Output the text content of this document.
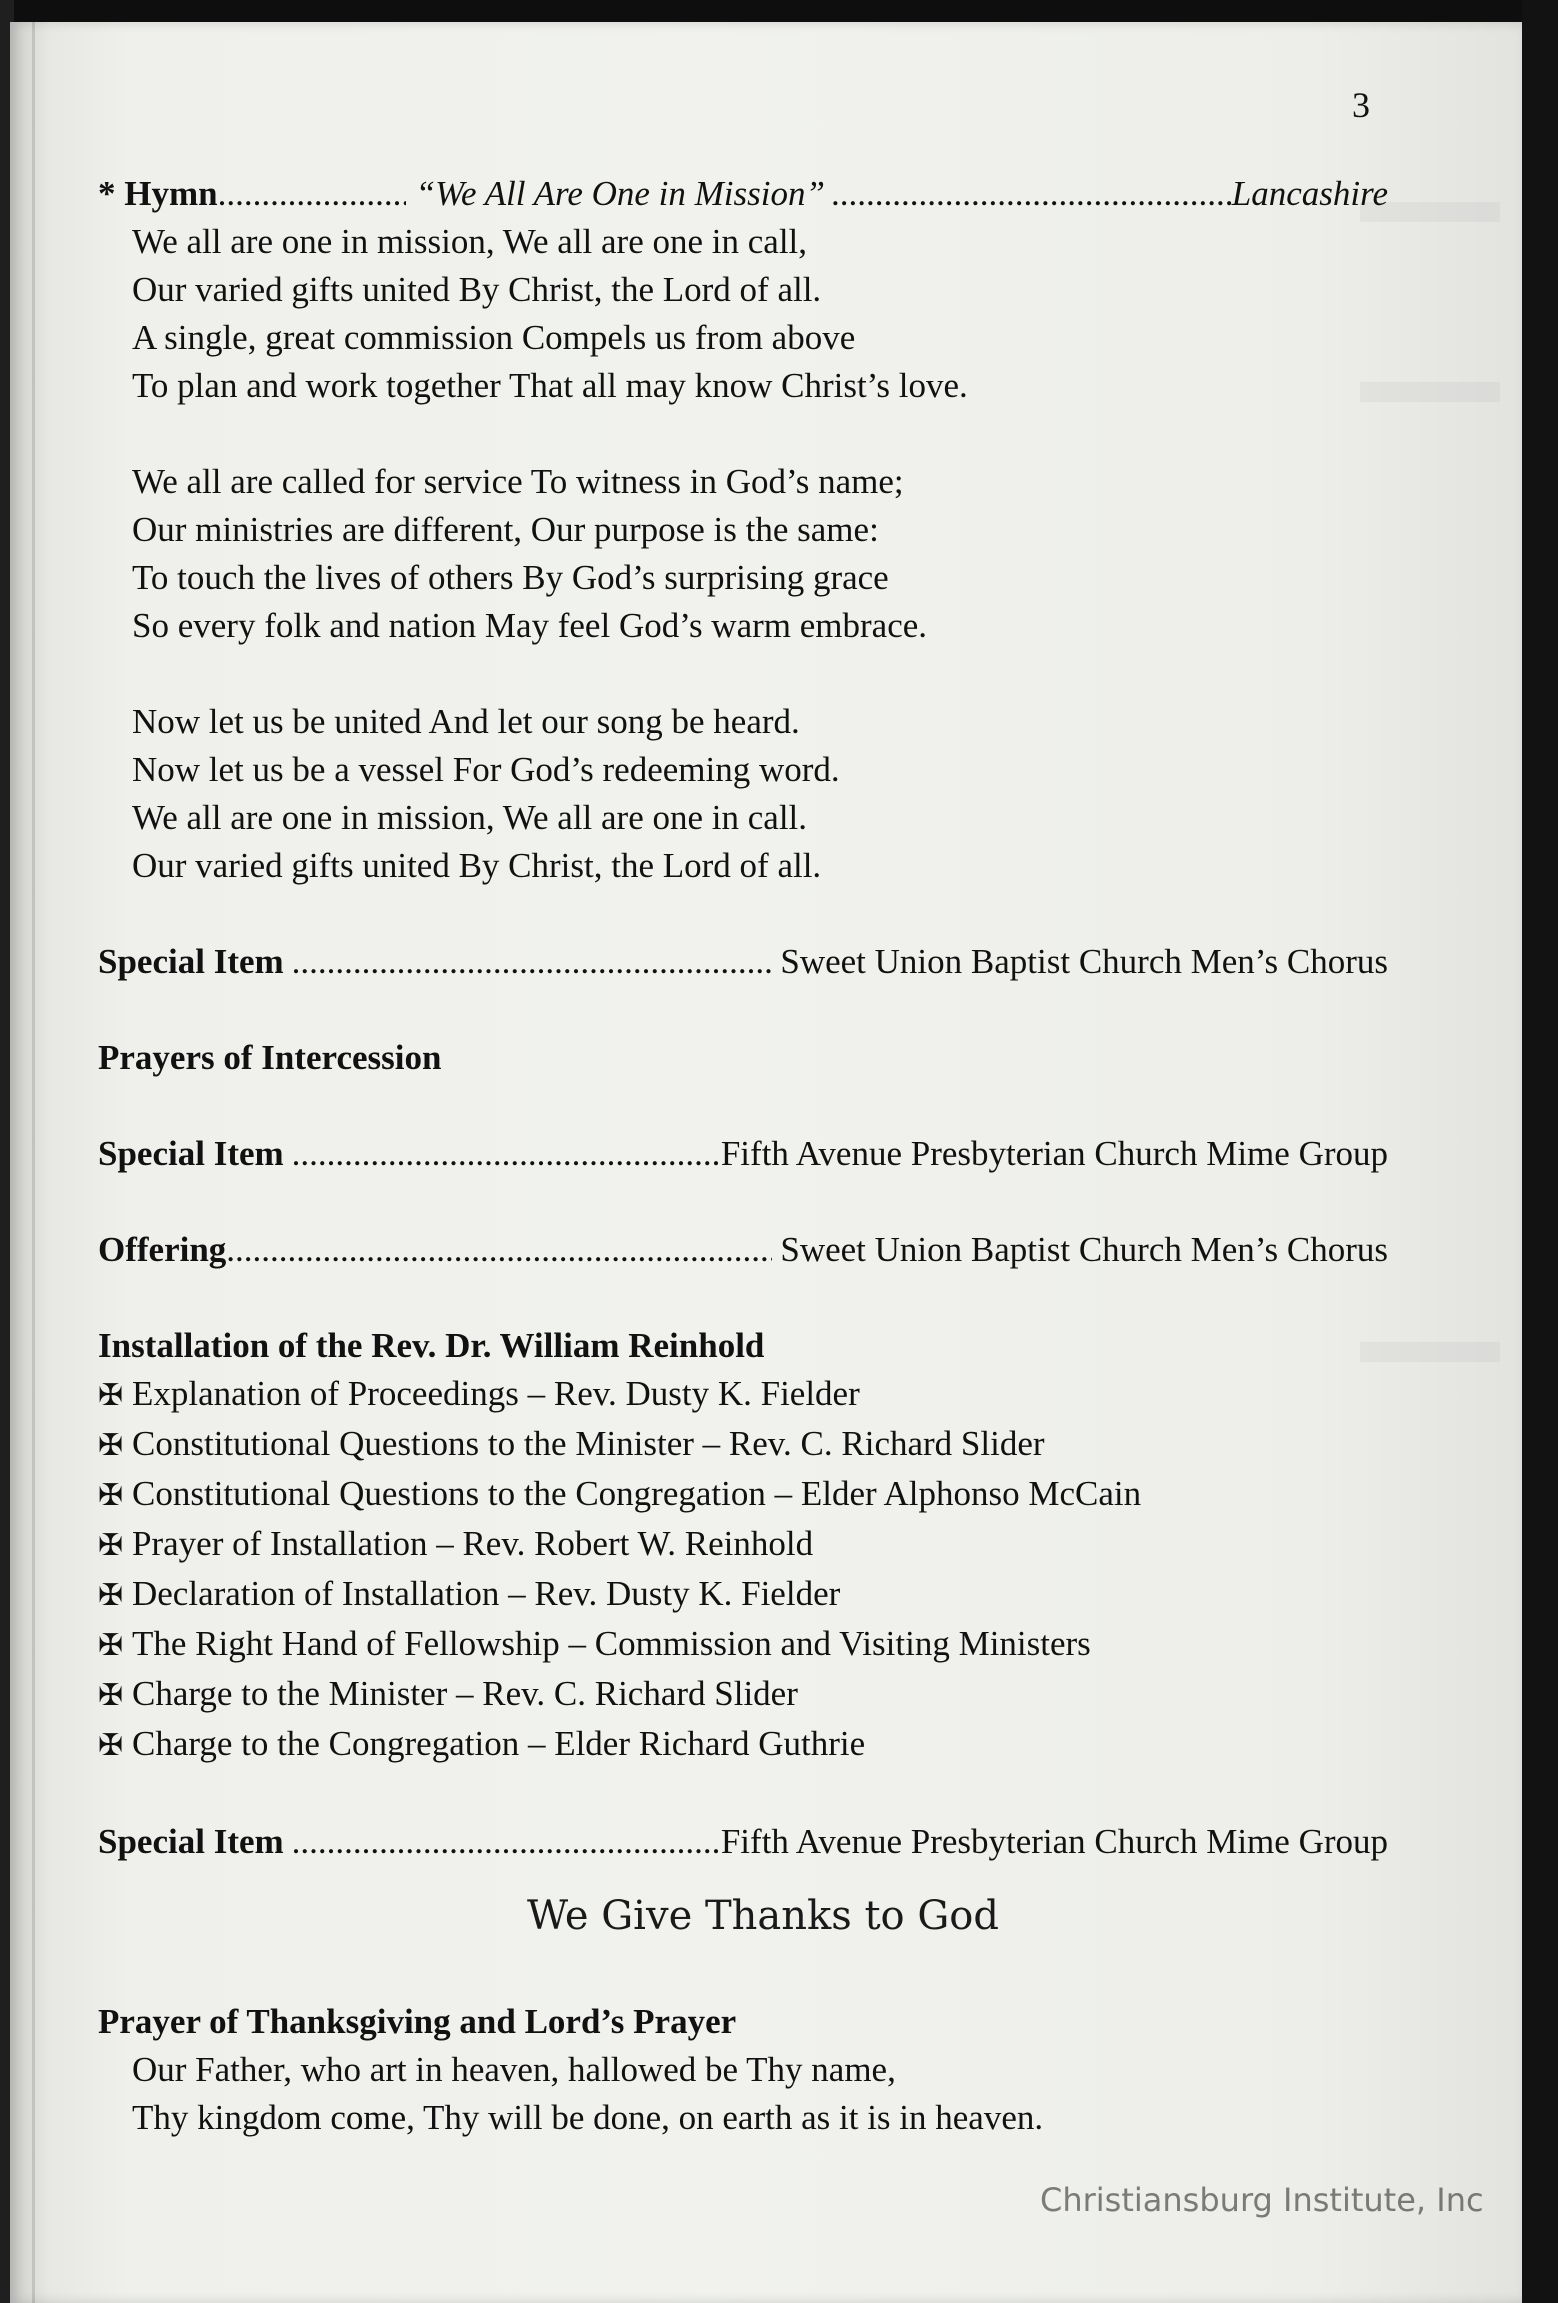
3
* Hymn .....	“We All Are One in Mission” .....	Lancashire
We all are one in mission, We all are one in call,
Our varied gifts united By Christ, the Lord of all.
A single, great commission Compels us from above
To plan and work together That all may know Christ’s love.
We all are called for service To witness in God’s name;
Our ministries are different, Our purpose is the same:
To touch the lives of others By God’s surprising grace
So every folk and nation May feel God’s warm embrace.
Now let us be united And let our song be heard.
Now let us be a vessel For God’s redeeming word.
We all are one in mission, We all are one in call.
Our varied gifts united By Christ, the Lord of all.
Special Item .....	Sweet Union Baptist Church Men’s Chorus
Prayers of Intercession
Special Item .....	Fifth Avenue Presbyterian Church Mime Group
Offering .....	Sweet Union Baptist Church Men’s Chorus
Installation of the Rev. Dr. William Reinhold
✠ Explanation of Proceedings – Rev. Dusty K. Fielder
✠ Constitutional Questions to the Minister – Rev. C. Richard Slider
✠ Constitutional Questions to the Congregation – Elder Alphonso McCain
✠ Prayer of Installation – Rev. Robert W. Reinhold
✠ Declaration of Installation – Rev. Dusty K. Fielder
✠ The Right Hand of Fellowship – Commission and Visiting Ministers
✠ Charge to the Minister – Rev. C. Richard Slider
✠ Charge to the Congregation – Elder Richard Guthrie
Special Item .....	Fifth Avenue Presbyterian Church Mime Group
We Give Thanks to God
Prayer of Thanksgiving and Lord’s Prayer
Our Father, who art in heaven, hallowed be Thy name,
Thy kingdom come, Thy will be done, on earth as it is in heaven.
Christiansburg Institute, Inc
